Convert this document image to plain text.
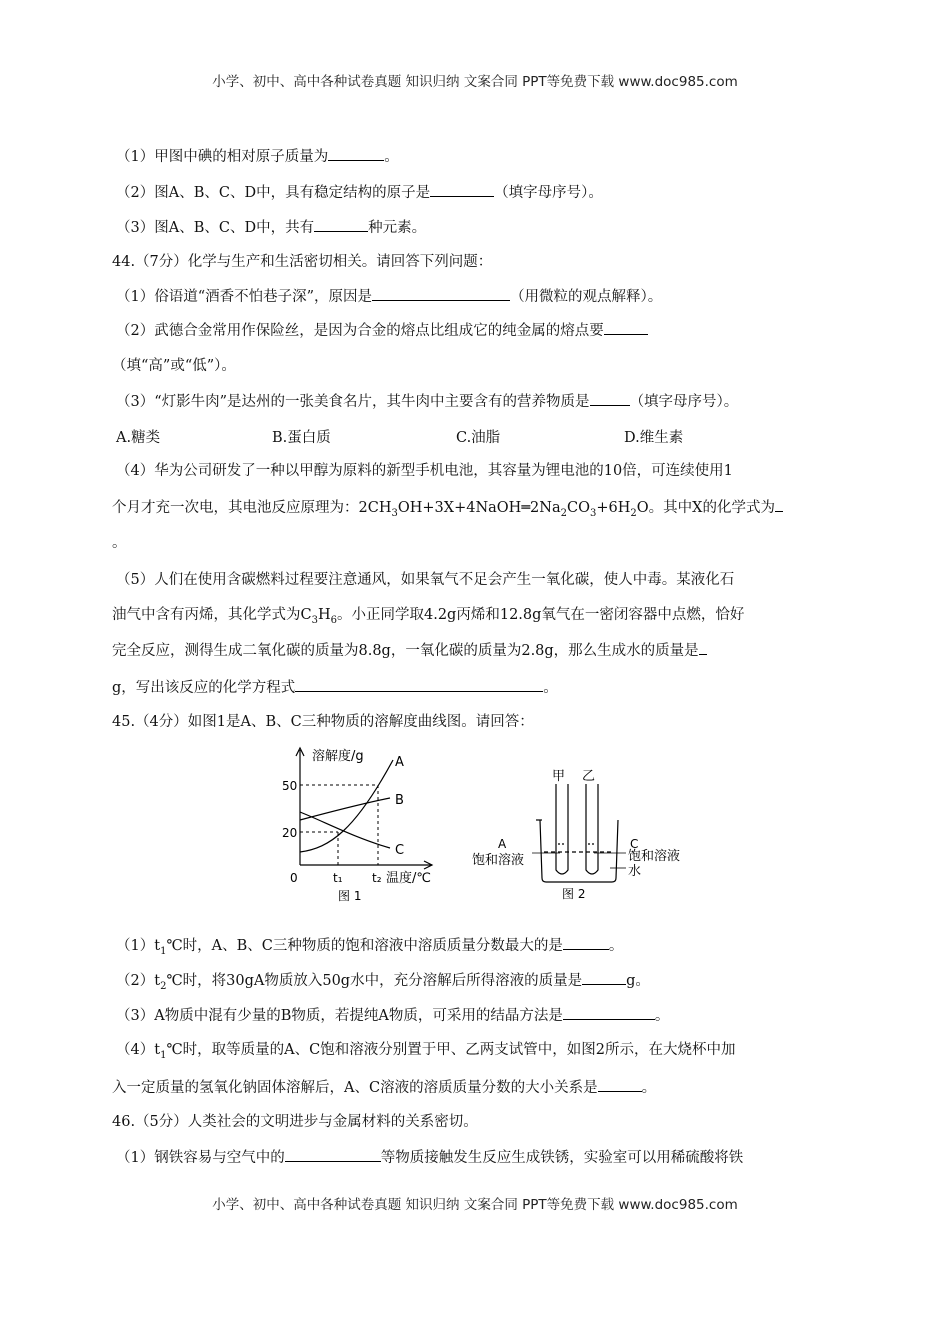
小学、初中、高中各种试卷真题 知识归纳 文案合同 PPT等免费下载 www.doc985.com
（1）甲图中碘的相对原子质量为	。
（2）图A、B、C、D中，具有稳定结构的原子是	（填字母序号）。
（3）图A、B、C、D中，共有	种元素。
44.（7分）化学与生产和生活密切相关。请回答下列问题：
（1）俗语道“酒香不怕巷子深”，原因是	（用微粒的观点解释）。
（2）武德合金常用作保险丝，是因为合金的熔点比组成它的纯金属的熔点要
（填“高”或“低”）。
（3）“灯影牛肉”是达州的一张美食名片，其牛肉中主要含有的营养物质是	（填字母序号）。
A.糖类	B.蛋白质	C.油脂	D.维生素
（4）华为公司研发了一种以甲醇为原料的新型手机电池，其容量为锂电池的10倍，可连续使用1
个月才充一次电，其电池反应原理为：$2CH_3OH+3X+4NaOH═2Na_2CO_3+6H_2O$。其中X的化学式为
。
（5）人们在使用含碳燃料过程要注意通风，如果氧气不足会产生一氧化碳，使人中毒。某液化石
油气中含有丙烯，其化学式为$C_3H_6$。小正同学取4.2g丙烯和12.8g氧气在一密闭容器中点燃，恰好
完全反应，测得生成二氧化碳的质量为8.8g，一氧化碳的质量为2.8g，那么生成水的质量是
g，写出该反应的化学方程式	。
45.（4分）如图1是A、B、C三种物质的溶解度曲线图。请回答：
溶解度/g
50
20
0	t₁ t₂ 温度/℃
A
B
C
图 1
甲 乙
A	C
饱和溶液	饱和溶液
水
图 2
$(1)t_1℃$时，A、B、C三种物质的饱和溶液中溶质质量分数最大的是	。
$(2)t_2℃$时，将30gA物质放入50g水中，充分溶解后所得溶液的质量是	g。
（3）A物质中混有少量的B物质，若提纯A物质，可采用的结晶方法是	。
$(4)t_1℃$时，取等质量的A、C饱和溶液分别置于甲、乙两支试管中，如图2所示，在大烧杯中加
入一定质量的氢氧化钠固体溶解后，A、C溶液的溶质质量分数的大小关系是	。
46.（5分）人类社会的文明进步与金属材料的关系密切。
（1）钢铁容易与空气中的	等物质接触发生反应生成铁锈，实验室可以用稀硫酸将铁
小学、初中、高中各种试卷真题 知识归纳 文案合同 PPT等免费下载 www.doc985.com
